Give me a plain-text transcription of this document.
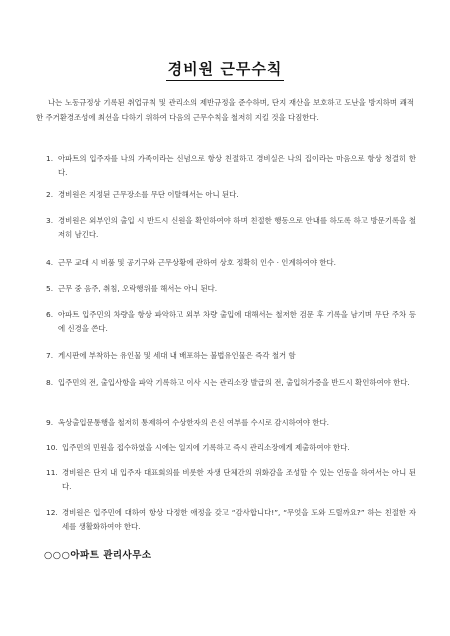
경비원 근무수칙
나는 노동규정상 기록된 취업규칙 및 관리소의 제반규정을 준수하며, 단지 재산을 보호하고 도난을 방지하며 쾌적한 주거환경조성에 최선을 다하기 위하여 다음의 근무수칙을 철저히 지킬 것을 다짐한다.
1. 아파트의 입주자를 나의 가족이라는 신념으로 항상 친절하고 경비실은 나의 집이라는 마음으로 항상 청결히 한다.
2. 경비원은 지정된 근무장소를 무단 이탈해서는 아니 된다.
3. 경비원은 외부인의 출입 시 반드시 신원을 확인하여야 하며 친절한 행동으로 안내를 하도록 하고 방문기록을 철저히 남긴다.
4. 근무 교대 시 비품 및 공기구와 근무상황에 관하여 상호 정확히 인수 · 인계하여야 한다.
5. 근무 중 음주, 취침, 오락행위를 해서는 아니 된다.
6. 아파트 입주민의 차량을 항상 파악하고 외부 차량 출입에 대해서는 철저한 검문 후 기록을 남기며 무단 주차 등에 신경을 쓴다.
7. 게시판에 부착하는 유인물 및 세대 내 배포하는 불법유인물은 즉각 철거 함
8. 입주민의 전, 출입사항을 파악 기록하고 이사 시는 관리소장 발급의 전, 출입허가증을 반드시 확인하여야 한다.
9. 옥상출입문통행을 철저히 통제하여 수상한자의 은신 여부를 수시로 감시하여야 한다.
10. 입주민의 민원을 접수하였을 시에는 일지에 기록하고 즉시 관리소장에게 제출하여야 한다.
11. 경비원은 단지 내 입주자 대표회의를 비롯한 자생 단체간의 위화감을 조성할 수 있는 언동을 하여서는 아니 된다.
12. 경비원은 입주민에 대하여 항상 다정한 애정을 갖고 “감사합니다!”, “무엇을 도와 드릴까요?” 하는 친절한 자세를 생활화하여야 한다.
○○○아파트 관리사무소
